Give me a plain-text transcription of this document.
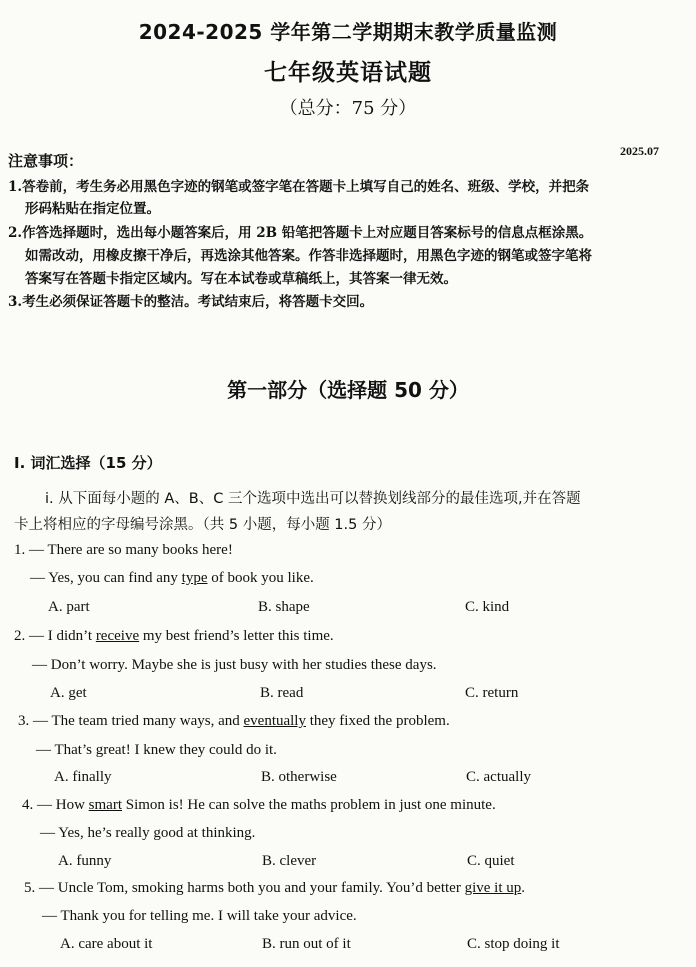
2024-2025 学年第二学期期末教学质量监测
七年级英语试题
（总分：75 分）
2025.07
注意事项：
1.答卷前，考生务必用黑色字迹的钢笔或签字笔在答题卡上填写自己的姓名、班级、学校，并把条
形码粘贴在指定位置。
2.作答选择题时，选出每小题答案后，用 2B 铅笔把答题卡上对应题目答案标号的信息点框涂黑。
如需改动，用橡皮擦干净后，再选涂其他答案。作答非选择题时，用黑色字迹的钢笔或签字笔将
答案写在答题卡指定区域内。写在本试卷或草稿纸上，其答案一律无效。
3.考生必须保证答题卡的整洁。考试结束后，将答题卡交回。
第一部分（选择题 50 分）
Ⅰ. 词汇选择（15 分）
i. 从下面每小题的 A、B、C 三个选项中选出可以替换划线部分的最佳选项,并在答题
卡上将相应的字母编号涂黑。（共 5 小题，每小题 1.5 分）
1. — There are so many books here!
— Yes, you can find any type of book you like.
A. part	B. shape	C. kind
2. — I didn’t receive my best friend’s letter this time.
— Don’t worry. Maybe she is just busy with her studies these days.
A. get	B. read	C. return
3. — The team tried many ways, and eventually they fixed the problem.
— That’s great! I knew they could do it.
A. finally	B. otherwise	C. actually
4. — How smart Simon is! He can solve the maths problem in just one minute.
— Yes, he’s really good at thinking.
A. funny	B. clever	C. quiet
5. — Uncle Tom, smoking harms both you and your family. You’d better give it up.
— Thank you for telling me. I will take your advice.
A. care about it	B. run out of it	C. stop doing it
